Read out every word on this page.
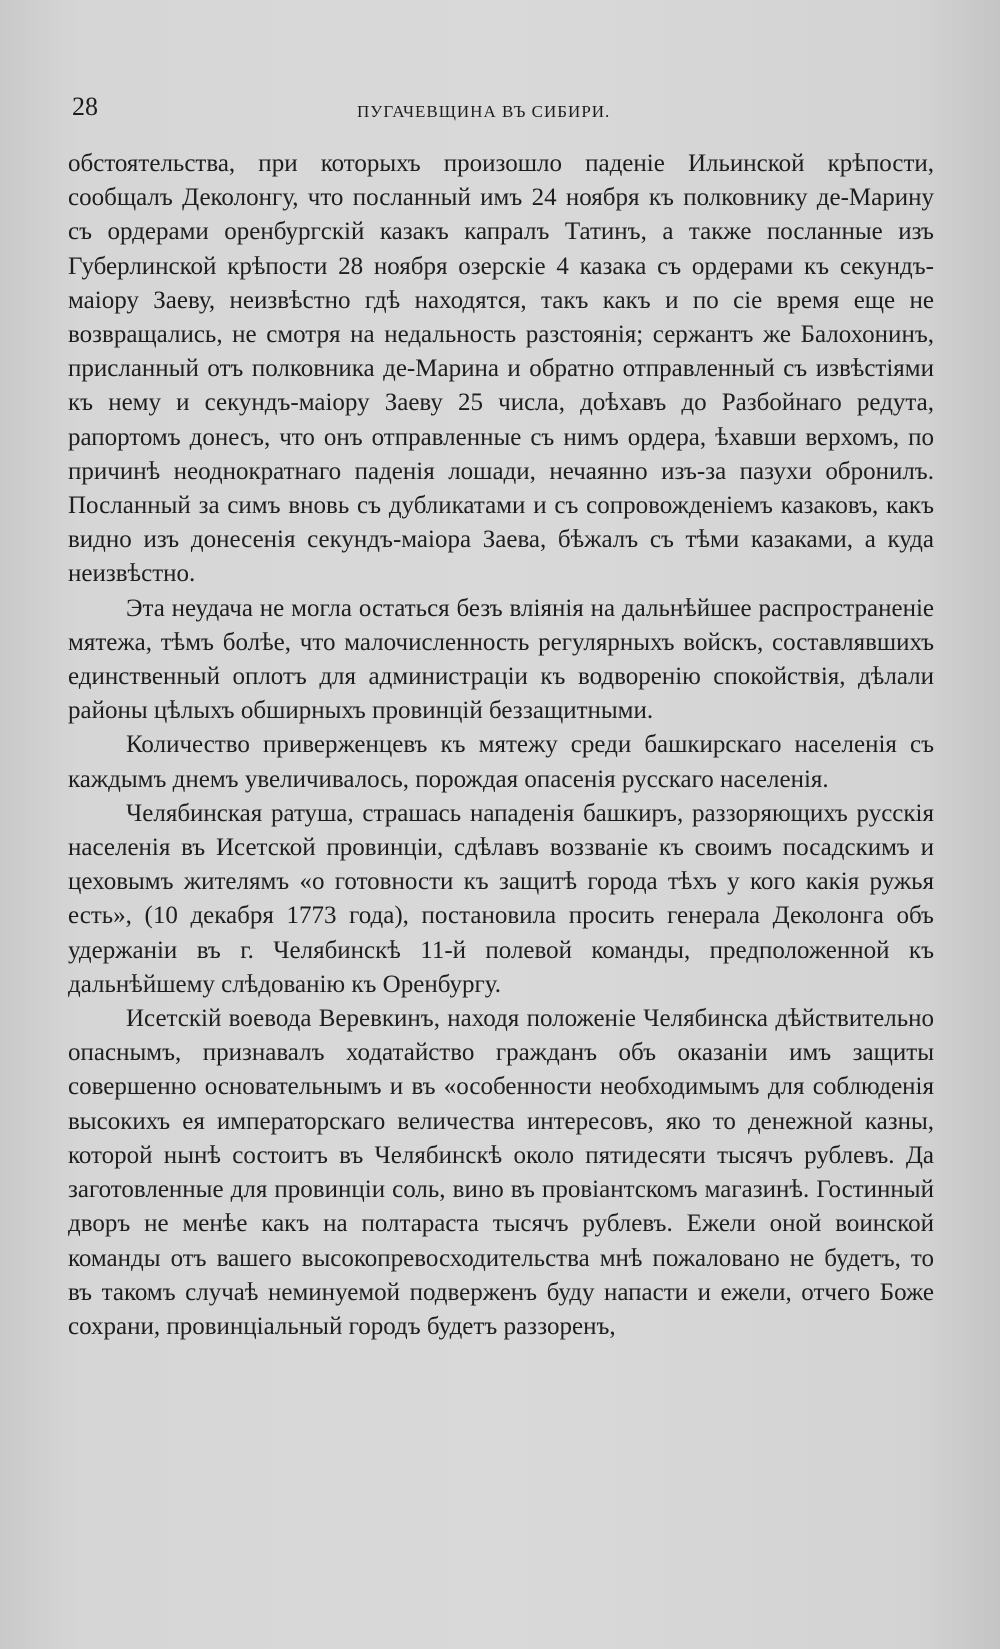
28	ПУГАЧЕВЩИНА ВЪ СИБИРИ.

обстоятельства, при которыхъ произошло паденіе Ильинской крѣпости, сообщалъ Деколонгу, что посланный имъ 24 ноября къ полковнику де-Марину съ ордерами оренбургскій казакъ капралъ Татинъ, а также посланные изъ Губерлинской крѣпости 28 ноября озерскіе 4 казака съ ордерами къ секундъ-маіору Заеву, неизвѣстно гдѣ находятся, такъ какъ и по сіе время еще не возвращались, не смотря на недальность разстоянія; сержантъ же Балохонинъ, присланный отъ полковника де-Марина и обратно отправленный съ извѣстіями къ нему и секундъ-маіору Заеву 25 числа, доѣхавъ до Разбойнаго редута, рапортомъ донесъ, что онъ отправленные съ нимъ ордера, ѣхавши верхомъ, по причинѣ неоднократнаго паденія лошади, нечаянно изъ-за пазухи обронилъ. Посланный за симъ вновь съ дубликатами и съ сопровожденіемъ казаковъ, какъ видно изъ донесенія секундъ-маіора Заева, бѣжалъ съ тѣми казаками, а куда неизвѣстно.

Эта неудача не могла остаться безъ вліянія на дальнѣйшее распространеніе мятежа, тѣмъ болѣе, что малочисленность регулярныхъ войскъ, составлявшихъ единственный оплотъ для администраціи къ водворенію спокойствія, дѣлали районы цѣлыхъ обширныхъ провинцій беззащитными.

Количество приверженцевъ къ мятежу среди башкирскаго населенія съ каждымъ днемъ увеличивалось, порождая опасенія русскаго населенія.

Челябинская ратуша, страшась нападенія башкиръ, раззоряющихъ русскія населенія въ Исетской провинціи, сдѣлавъ воззваніе къ своимъ посадскимъ и цеховымъ жителямъ «о готовности къ защитѣ города тѣхъ у кого какія ружья есть», (10 декабря 1773 года), постановила просить генерала Деколонга объ удержаніи въ г. Челябинскѣ 11-й полевой команды, предположенной къ дальнѣйшему слѣдованію къ Оренбургу.

Исетскій воевода Веревкинъ, находя положеніе Челябинска дѣйствительно опаснымъ, признавалъ ходатайство гражданъ объ оказаніи имъ защиты совершенно основательнымъ и въ «особенности необходимымъ для соблюденія высокихъ ея императорскаго величества интересовъ, яко то денежной казны, которой нынѣ состоитъ въ Челябинскѣ около пятидесяти тысячъ рублевъ. Да заготовленные для провинціи соль, вино въ провіантскомъ магазинѣ. Гостинный дворъ не менѣе какъ на полтараста тысячъ рублевъ. Ежели оной воинской команды отъ вашего высокопревосходительства мнѣ пожаловано не будетъ, то въ такомъ случаѣ неминуемой подверженъ буду напасти и ежели, отчего Боже сохрани, провинціальный городъ будетъ раззоренъ,
